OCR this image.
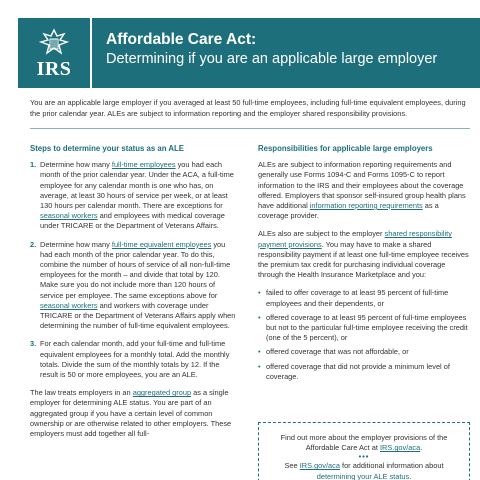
IRS
Affordable Care Act:
Determining if you are an applicable large employer
You are an applicable large employer if you averaged at least 50 full-time employees, including full-time equivalent employees, during the prior calendar year. ALEs are subject to information reporting and the employer shared responsibility provisions.
Steps to determine your status as an ALE
1. Determine how many full-time employees you had each month of the prior calendar year. Under the ACA, a full-time employee for any calendar month is one who has, on average, at least 30 hours of service per week, or at least 130 hours per calendar month. There are exceptions for seasonal workers and employees with medical coverage under TRICARE or the Department of Veterans Affairs.
2. Determine how many full-time equivalent employees you had each month of the prior calendar year. To do this, combine the number of hours of service of all non-full-time employees for the month – and divide that total by 120. Make sure you do not include more than 120 hours of service per employee. The same exceptions above for seasonal workers and workers with coverage under TRICARE or the Department of Veterans Affairs apply when determining the number of full-time equivalent employees.
3. For each calendar month, add your full-time and full-time equivalent employees for a monthly total. Add the monthly totals. Divide the sum of the monthly totals by 12. If the result is 50 or more employees, you are an ALE.
The law treats employers in an aggregated group as a single employer for determining ALE status. You are part of an aggregated group if you have a certain level of common ownership or are otherwise related to other employers. These employers must add together all full-
Responsibilities for applicable large employers
ALEs are subject to information reporting requirements and generally use Forms 1094-C and Forms 1095-C to report information to the IRS and their employees about the coverage offered. Employers that sponsor self-insured group health plans have additional information reporting requirements as a coverage provider.
ALEs also are subject to the employer shared responsibility payment provisions. You may have to make a shared responsibility payment if at least one full-time employee receives the premium tax credit for purchasing individual coverage through the Health Insurance Marketplace and you:
• failed to offer coverage to at least 95 percent of full-time employees and their dependents, or
• offered coverage to at least 95 percent of full-time employees but not to the particular full-time employee receiving the credit (one of the 5 percent), or
• offered coverage that was not affordable, or
• offered coverage that did not provide a minimum level of coverage.
Find out more about the employer provisions of the Affordable Care Act at IRS.gov/aca.
•••
See IRS.gov/aca for additional information about determining your ALE status.
